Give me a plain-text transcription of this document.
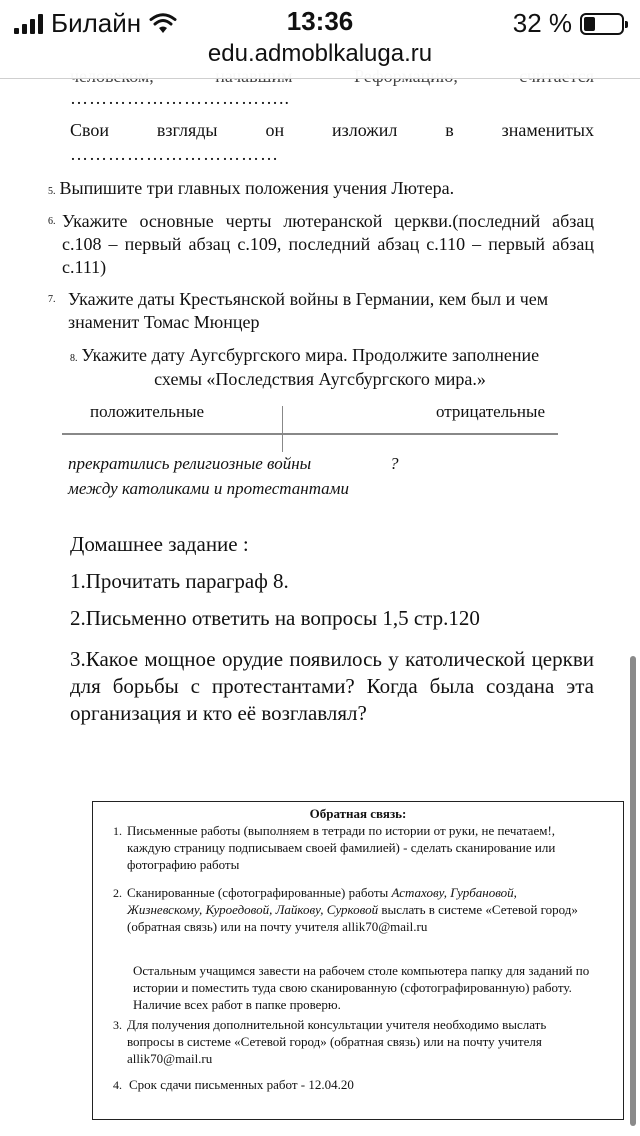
Билайн	13:36	32 %
edu.admoblkaluga.ru
……………………………..
Свои взгляды он изложил в знаменитых
……………………………
5. Выпишите три главных положения учения Лютера.
6. Укажите основные черты лютеранской церкви.(последний абзац с.108 – первый абзац с.109, последний абзац с.110 – первый абзац с.111)
7. Укажите даты Крестьянской войны в Германии, кем был и чем знаменит Томас Мюнцер
8. Укажите дату Аугсбургского мира. Продолжите заполнение
схемы «Последствия Аугсбургского мира.»
положительные	отрицательные
прекратились религиозные войны	?
между католиками и протестантами
Домашнее задание :
1.Прочитать параграф 8.
2.Письменно ответить на вопросы 1,5 стр.120
3.Какое мощное орудие появилось у католической церкви для борьбы с протестантами? Когда была создана эта организация и кто её возглавлял?
Обратная связь:
1. Письменные работы (выполняем в тетради по истории от руки, не печатаем!, каждую страницу подписываем своей фамилией) - сделать сканирование или фотографию работы
2. Сканированные (сфотографированные) работы Астахову, Гурбановой, Жизневскому, Куроедовой, Лайкову, Сурковой выслать в системе «Сетевой город» (обратная связь) или на почту учителя allik70@mail.ru
Остальным учащимся завести на рабочем столе компьютера папку для заданий по истории и поместить туда свою сканированную (сфотографированную) работу. Наличие всех работ в папке проверю.
3. Для получения дополнительной консультации учителя необходимо выслать вопросы в системе «Сетевой город» (обратная связь) или на почту учителя allik70@mail.ru
4. Срок сдачи письменных работ - 12.04.20
